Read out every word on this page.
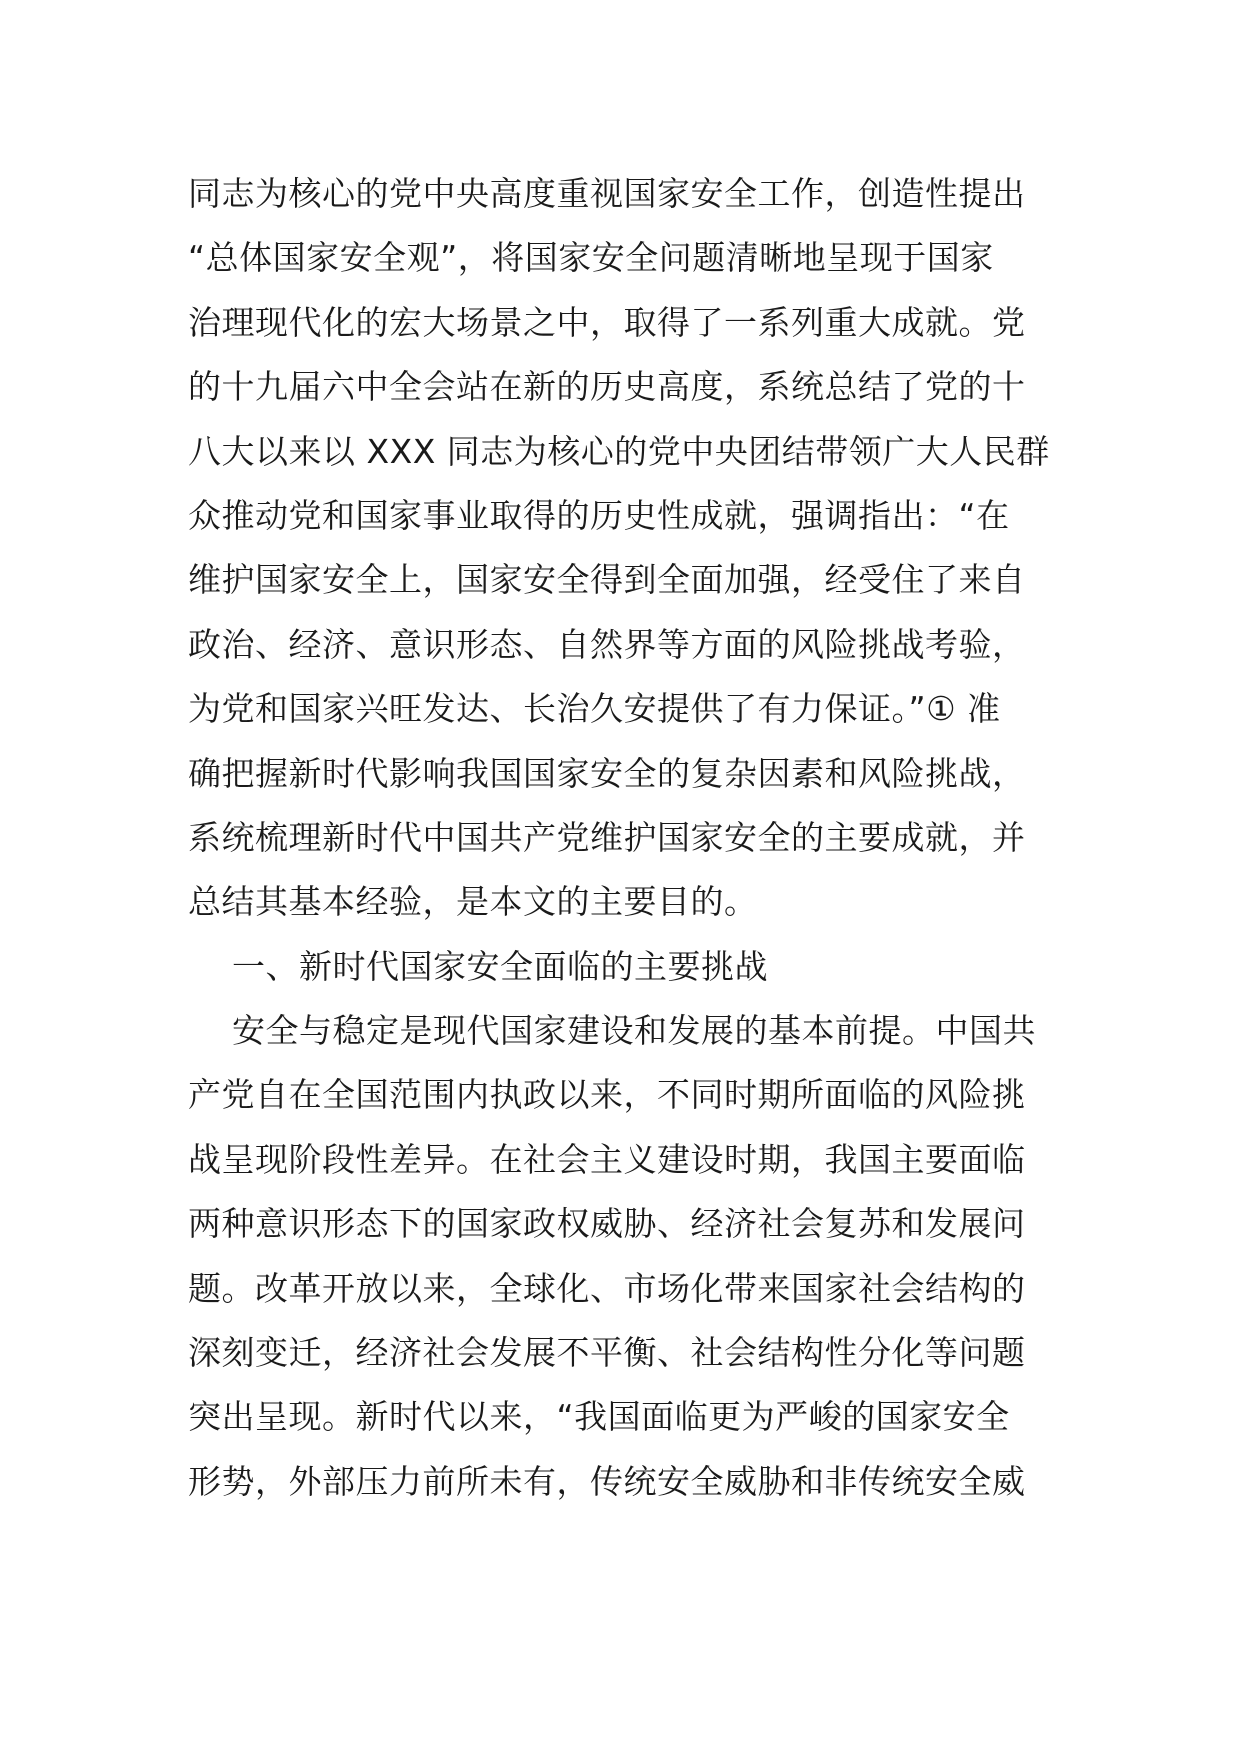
同志为核心的党中央高度重视国家安全工作，创造性提出
“总体国家安全观”，将国家安全问题清晰地呈现于国家
治理现代化的宏大场景之中，取得了一系列重大成就。党
的十九届六中全会站在新的历史高度，系统总结了党的十
八大以来以 XXX 同志为核心的党中央团结带领广大人民群
众推动党和国家事业取得的历史性成就，强调指出：“在
维护国家安全上，国家安全得到全面加强，经受住了来自
政治、经济、意识形态、自然界等方面的风险挑战考验，
为党和国家兴旺发达、长治久安提供了有力保证。”① 准
确把握新时代影响我国国家安全的复杂因素和风险挑战，
系统梳理新时代中国共产党维护国家安全的主要成就，并
总结其基本经验，是本文的主要目的。
一、新时代国家安全面临的主要挑战
安全与稳定是现代国家建设和发展的基本前提。中国共
产党自在全国范围内执政以来，不同时期所面临的风险挑
战呈现阶段性差异。在社会主义建设时期，我国主要面临
两种意识形态下的国家政权威胁、经济社会复苏和发展问
题。改革开放以来，全球化、市场化带来国家社会结构的
深刻变迁，经济社会发展不平衡、社会结构性分化等问题
突出呈现。新时代以来，“我国面临更为严峻的国家安全
形势，外部压力前所未有，传统安全威胁和非传统安全威
